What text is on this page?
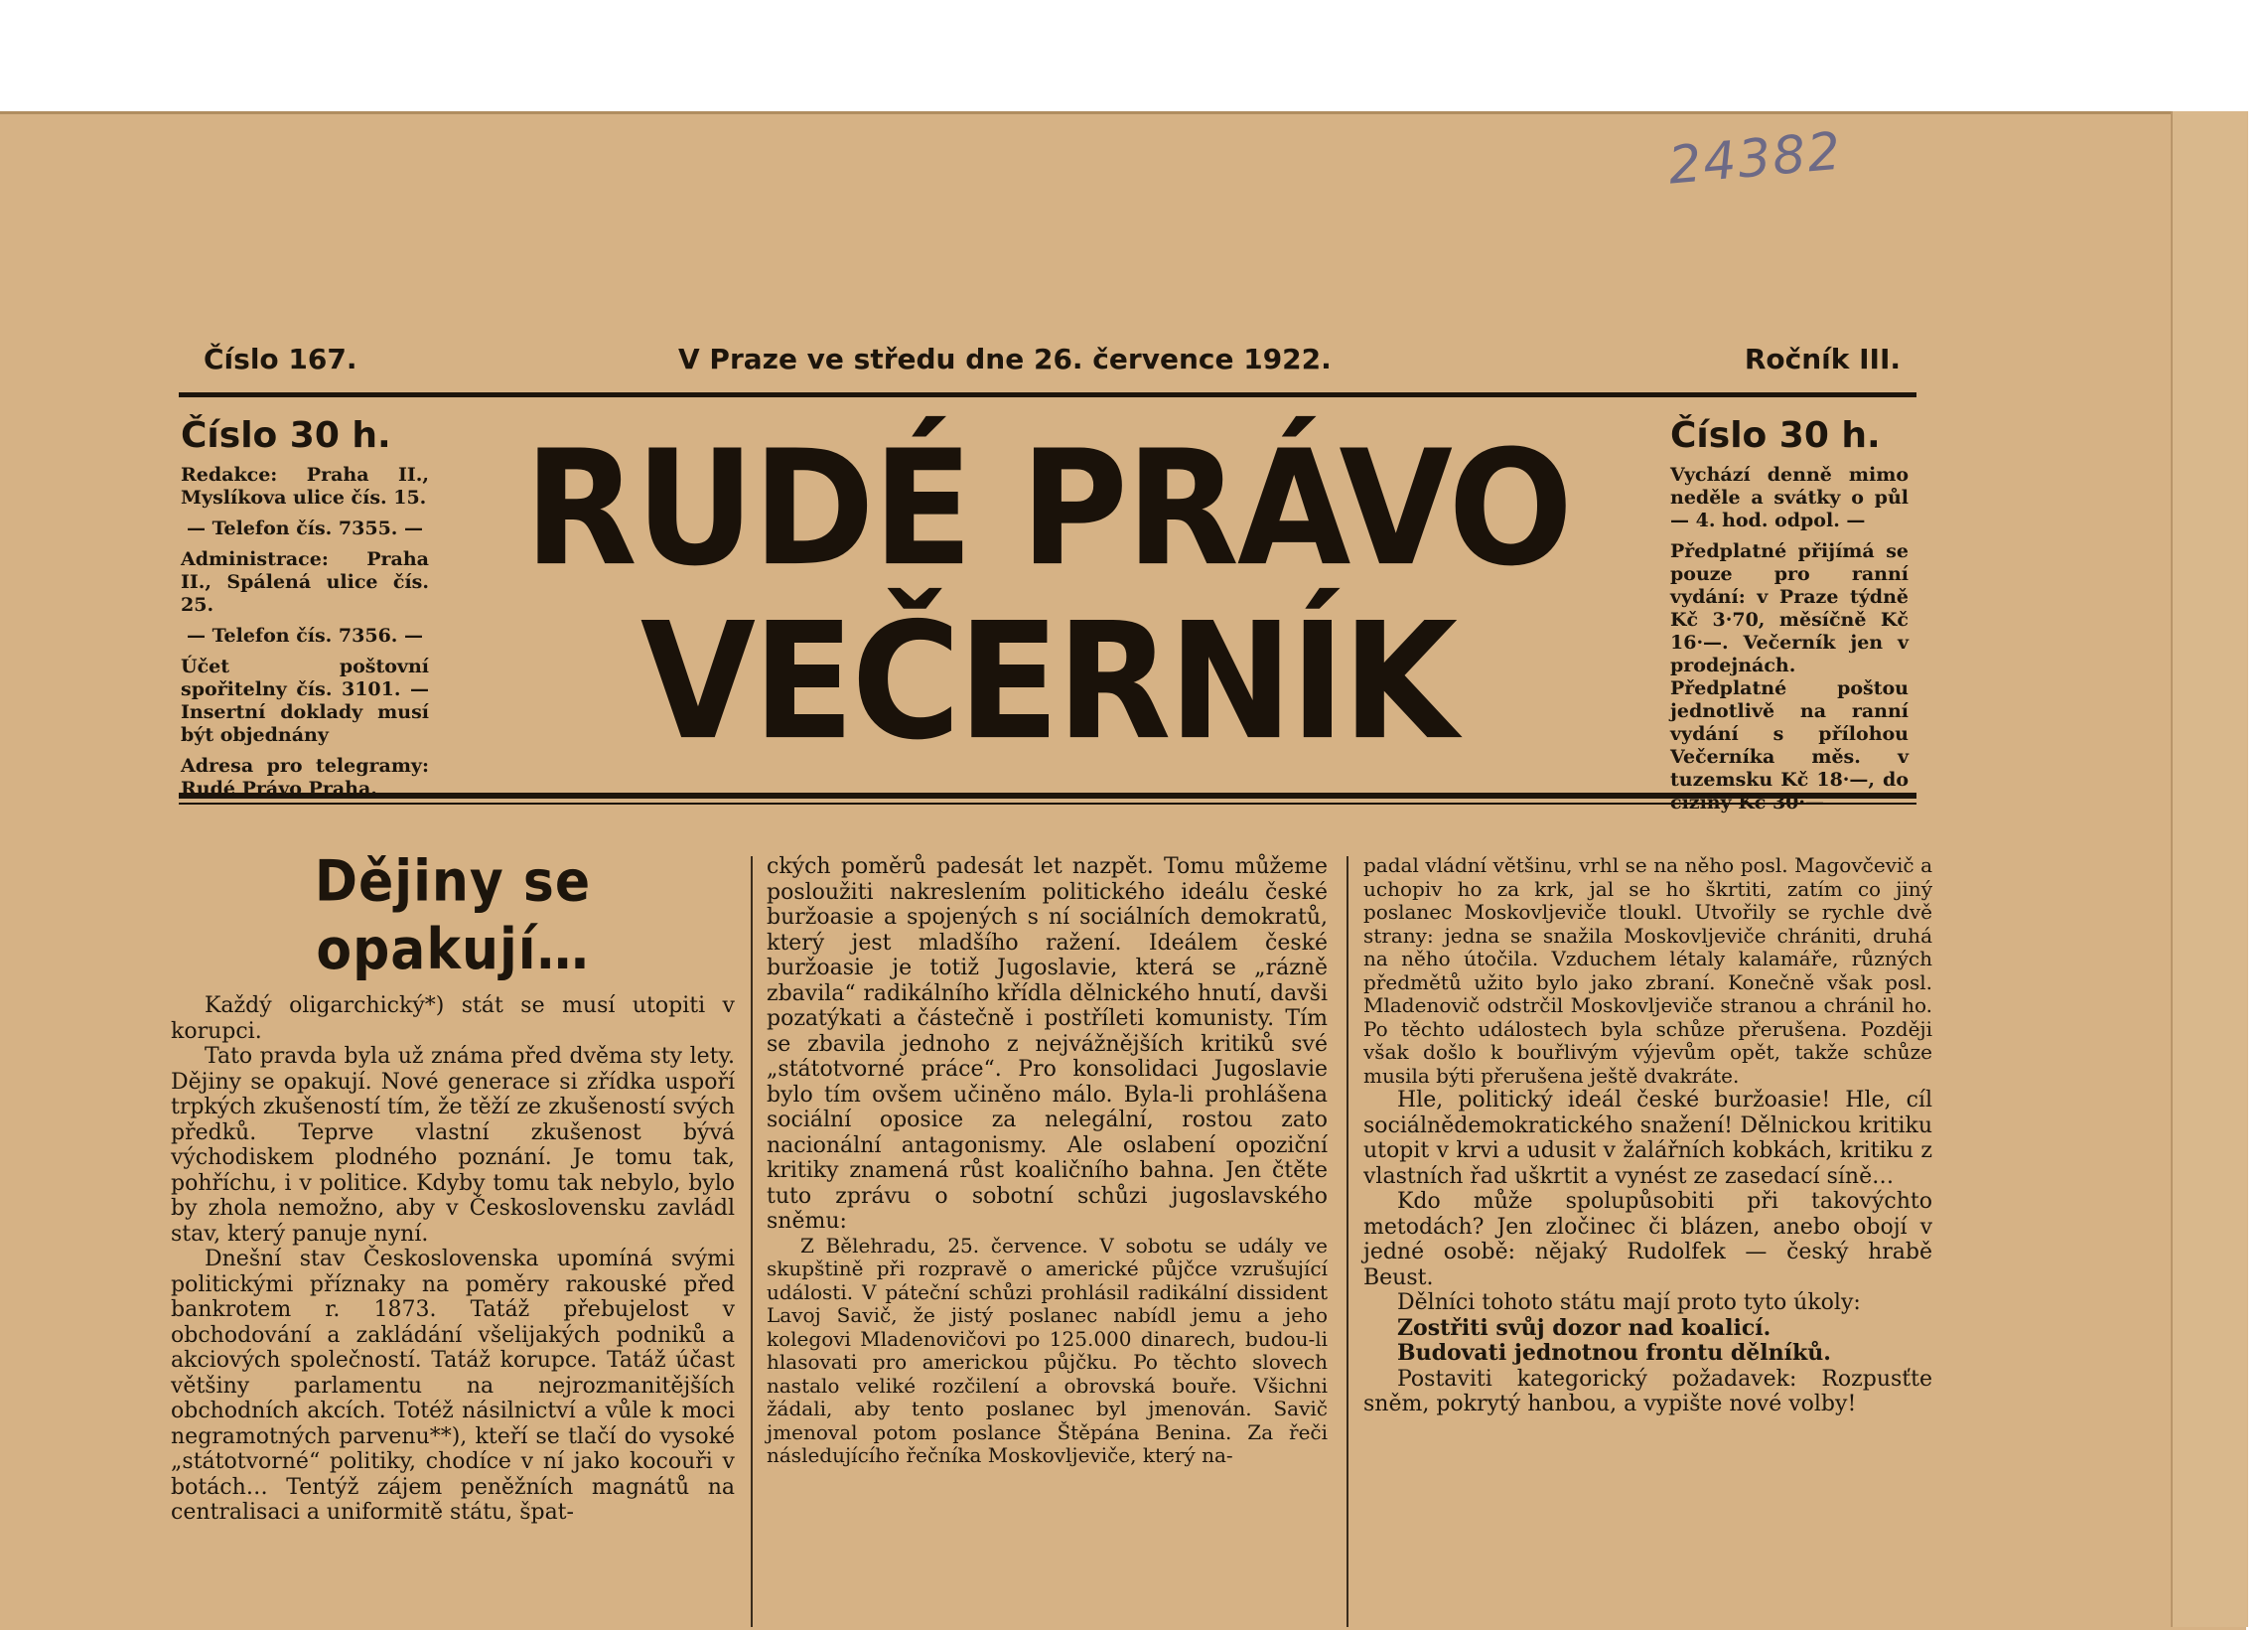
24382
Číslo 167.	V Praze ve středu dne 26. července 1922.	Ročník III.
Číslo 30 h.

Redakce: Praha II., Myslíkova ulice čís. 15.

— Telefon čís. 7355. —

Administrace: Praha II., Spálená ulice čís. 25.

— Telefon čís. 7356. —

Účet poštovní spořitelny čís. 3101. — Insertní doklady musí být objednány

Adresa pro telegramy: Rudé Právo Praha.

RUDÉ PRÁVO
VEČERNÍK
Číslo 30 h.

Vychází denně mimo neděle a svátky o půl — 4. hod. odpol. —

Předplatné přijímá se pouze pro ranní vydání: v Praze týdně Kč 3·70, měsíčně Kč 16·—. Večerník jen v prodejnách. Předplatné poštou jednotlivě na ranní vydání s přílohou Večerníka měs. v tuzemsku Kč 18·—, do ciziny Kč 30·—

Dějiny se opakují…

Každý oligarchický*) stát se musí utopiti v korupci.

Tato pravda byla už známa před dvěma sty lety. Dějiny se opakují. Nové generace si zřídka uspoří trpkých zkušeností tím, že těží ze zkušeností svých předků. Teprve vlastní zkušenost bývá východiskem plodného poznání. Je tomu tak, pohříchu, i v politice. Kdyby tomu tak nebylo, bylo by zhola nemožno, aby v Československu zavládl stav, který panuje nyní.

Dnešní stav Československa upomíná svými politickými příznaky na poměry rakouské před bankrotem r. 1873. Tatáž přebujelost v obchodování a zakládání všelijakých podniků a akciových společností. Tatáž korupce. Tatáž účast většiny parlamentu na nejrozmanitějších obchodních akcích. Totéž násilnictví a vůle k moci negramotných parvenu**), kteří se tlačí do vysoké „státotvorné“ politiky, chodíce v ní jako kocouři v botách… Tentýž zájem peněžních magnátů na centralisaci a uniformitě státu, špat-

ckých poměrů padesát let nazpět. Tomu můžeme posloužiti nakreslením politického ideálu české buržoasie a spojených s ní sociálních demokratů, který jest mladšího ražení. Ideálem české buržoasie je totiž Jugoslavie, která se „rázně zbavila“ radikálního křídla dělnického hnutí, davši pozatýkati a částečně i postříleti komunisty. Tím se zbavila jednoho z nejvážnějších kritiků své „státotvorné práce“. Pro konsolidaci Jugoslavie bylo tím ovšem učiněno málo. Byla-li prohlášena sociální oposice za nelegální, rostou zato nacionální antagonismy. Ale oslabení opoziční kritiky znamená růst koaličního bahna. Jen čtěte tuto zprávu o sobotní schůzi jugoslavského sněmu:

Z Bělehradu, 25. července. V sobotu se udály ve skupštině při rozpravě o americké půjčce vzrušující události. V páteční schůzi prohlásil radikální dissident Lavoj Savič, že jistý poslanec nabídl jemu a jeho kolegovi Mladenovičovi po 125.000 dinarech, budou-li hlasovati pro americkou půjčku. Po těchto slovech nastalo veliké rozčilení a obrovská bouře. Všichni žádali, aby tento poslanec byl jmenován. Savič jmenoval potom poslance Štěpána Benina. Za řeči následujícího řečníka Moskovljeviče, který na-

padal vládní většinu, vrhl se na něho posl. Magovčevič a uchopiv ho za krk, jal se ho škrtiti, zatím co jiný poslanec Moskovljeviče tloukl. Utvořily se rychle dvě strany: jedna se snažila Moskovljeviče chrániti, druhá na něho útočila. Vzduchem létaly kalamáře, různých předmětů užito bylo jako zbraní. Konečně však posl. Mladenovič odstrčil Moskovljeviče stranou a chránil ho. Po těchto událostech byla schůze přerušena. Později však došlo k bouřlivým výjevům opět, takže schůze musila býti přerušena ještě dvakráte.

Hle, politický ideál české buržoasie! Hle, cíl sociálnědemokratického snažení! Dělnickou kritiku utopit v krvi a udusit v žalářních kobkách, kritiku z vlastních řad uškrtit a vynést ze zasedací síně…

Kdo může spolupůsobiti při takovýchto metodách? Jen zločinec či blázen, anebo obojí v jedné osobě: nějaký Rudolfek — český hrabě Beust.

Dělníci tohoto státu mají proto tyto úkoly:

Zostřiti svůj dozor nad koalicí.

Budovati jednotnou frontu dělníků.

Postaviti kategorický požadavek: Rozpusťte sněm, pokrytý hanbou, a vypište nové volby!
